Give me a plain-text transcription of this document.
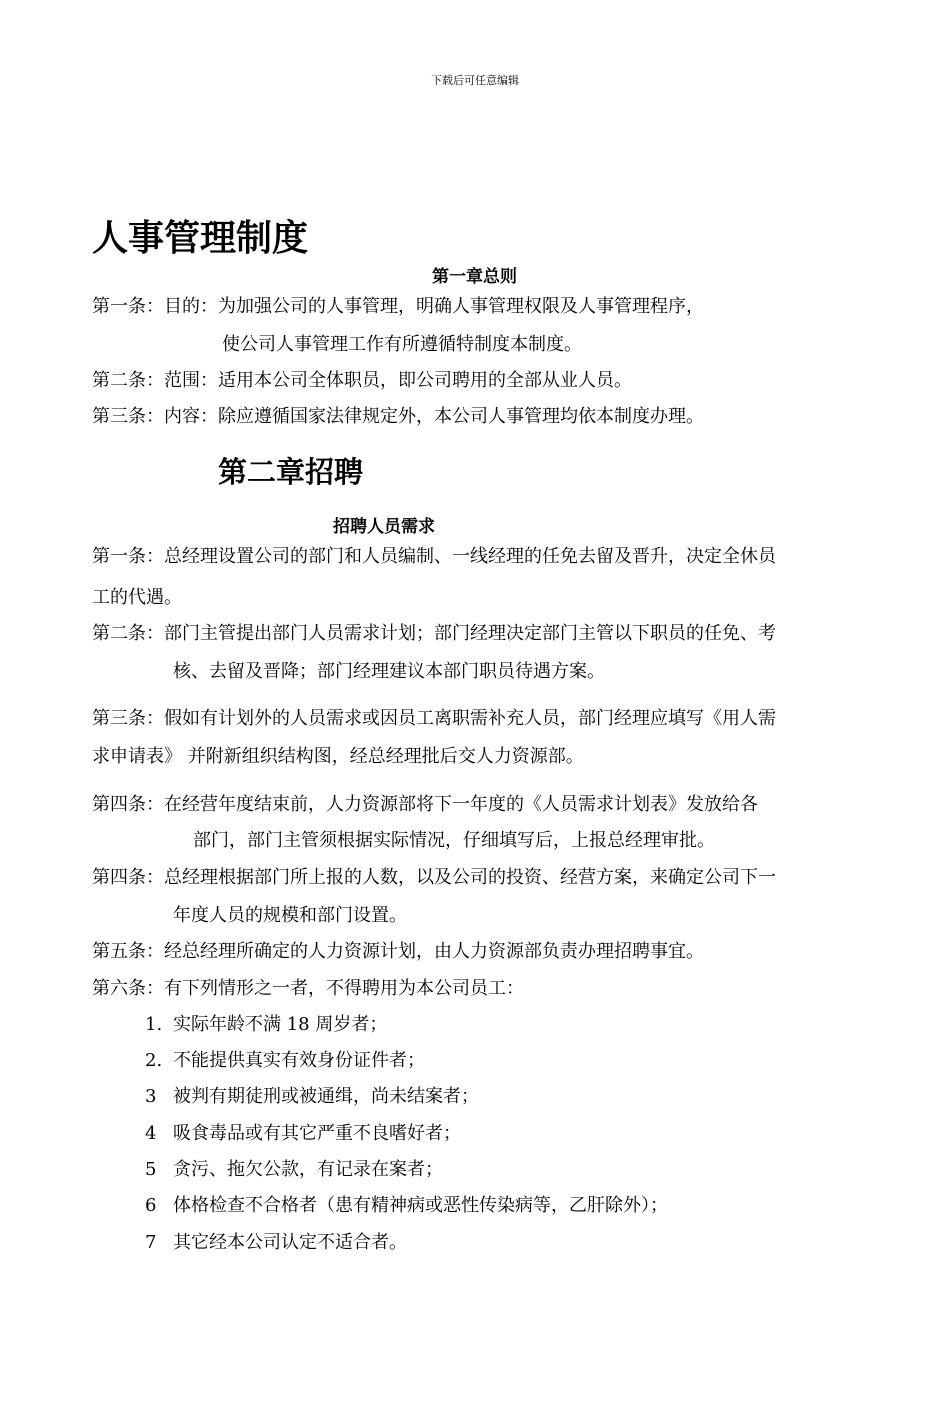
下载后可任意编辑
人事管理制度
第一章总则
第一条：目的：为加强公司的人事管理，明确人事管理权限及人事管理程序，
使公司人事管理工作有所遵循特制度本制度。
第二条：范围：适用本公司全体职员，即公司聘用的全部从业人员。
第三条：内容：除应遵循国家法律规定外，本公司人事管理均依本制度办理。
第二章招聘
招聘人员需求
第一条：总经理设置公司的部门和人员编制、一线经理的任免去留及晋升，决定全休员
工的代遇。
第二条：部门主管提出部门人员需求计划；部门经理决定部门主管以下职员的任免、考
核、去留及晋降；部门经理建议本部门职员待遇方案。
第三条：假如有计划外的人员需求或因员工离职需补充人员，部门经理应填写《用人需
求申请表》 并附新组织结构图，经总经理批后交人力资源部。
第四条：在经营年度结束前，人力资源部将下一年度的《人员需求计划表》发放给各
部门，部门主管须根据实际情况，仔细填写后，上报总经理审批。
第四条：总经理根据部门所上报的人数，以及公司的投资、经营方案，来确定公司下一
年度人员的规模和部门设置。
第五条：经总经理所确定的人力资源计划，由人力资源部负责办理招聘事宜。
第六条：有下列情形之一者，不得聘用为本公司员工：
1. 实际年龄不满 18 周岁者；
2. 不能提供真实有效身份证件者；
3 被判有期徒刑或被通缉，尚未结案者；
4 吸食毒品或有其它严重不良嗜好者；
5 贪污、拖欠公款，有记录在案者；
6 体格检查不合格者（患有精神病或恶性传染病等，乙肝除外）；
7 其它经本公司认定不适合者。
